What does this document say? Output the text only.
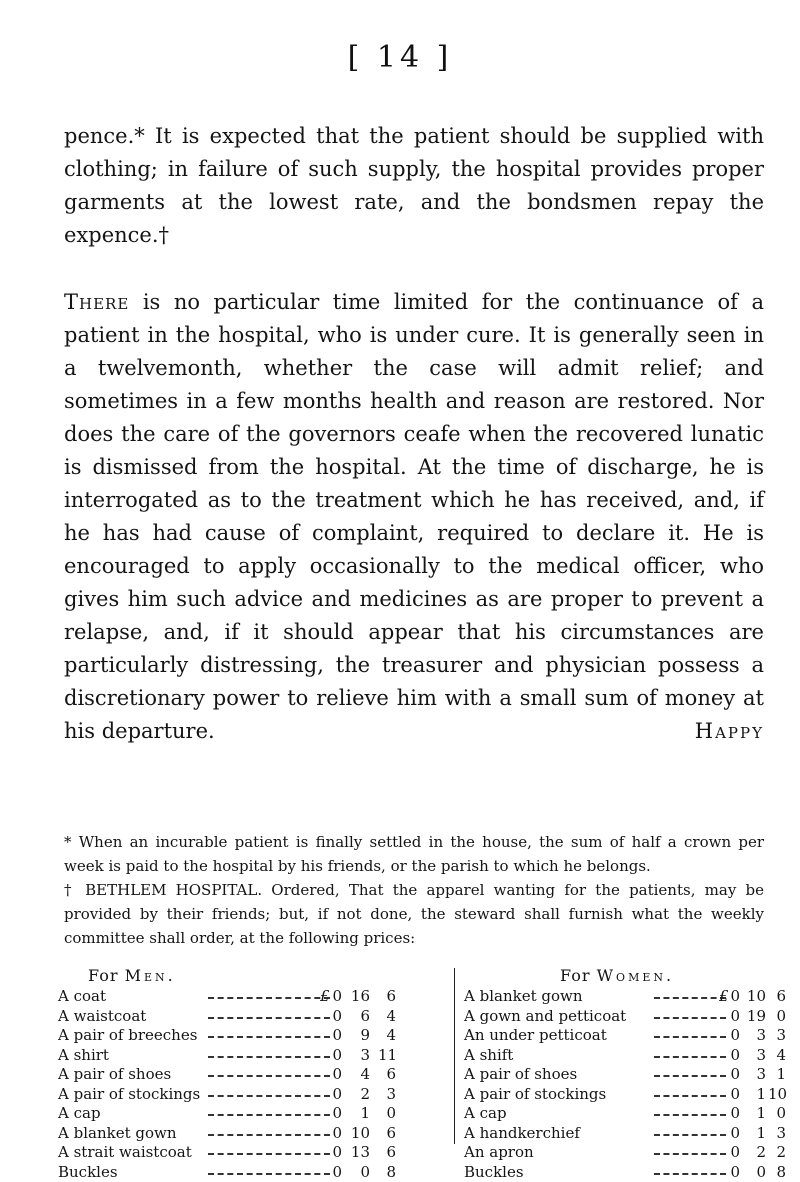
[ 14 ]

pence.* It is expected that the patient should be supplied with clothing; in failure of such supply, the hospital provides proper garments at the lowest rate, and the bondsmen repay the expence.†

There is no particular time limited for the continuance of a patient in the hospital, who is under cure. It is generally seen in a twelvemonth, whether the case will admit relief; and sometimes in a few months health and reason are restored. Nor does the care of the governors ceafe when the recovered lunatic is dismissed from the hospital. At the time of discharge, he is interrogated as to the treatment which he has received, and, if he has had cause of complaint, required to declare it. He is encouraged to apply occasionally to the medical officer, who gives him such advice and medicines as are proper to prevent a relapse, and, if it should appear that his circumstances are particularly distressing, the treasurer and physician possess a discretionary power to relieve him with a small sum of money at his departure.	Happy

* When an incurable patient is finally settled in the house, the sum of half a crown per week is paid to the hospital by his friends, or the parish to which he belongs.

† BETHLEM HOSPITAL. Ordered, That the apparel wanting for the patients, may be provided by their friends; but, if not done, the steward shall furnish what the weekly committee shall order, at the following prices:

For Men.	For Women.
A coat	£ 0 16	6
A waistcoat	0	6	4
A pair of breeches	0	9	4
A shirt	0	3 11
A pair of shoes	0	4	6
A pair of stockings	0	2	3
A cap	0	1	0
A blanket gown	0 10	6
A strait waistcoat	0 13	6
Buckles	0	0	8
A blanket gown	£ 0 10 6
A gown and petticoat	0 19 0
An under petticoat	0	3 3
A shift	0	3 4
A pair of shoes	0	3 1
A pair of stockings	0	1 10
A cap	0	1 0
A handkerchief	0	1 3
An apron	0	2 2
Buckles	0	0 8
